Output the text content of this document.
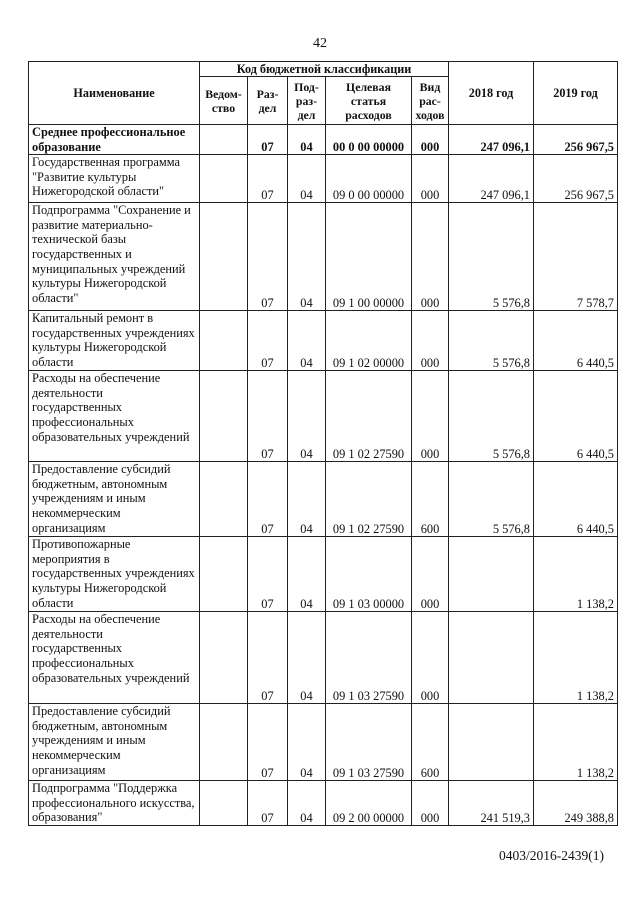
42
Наименование	Код бюджетной классификации					2018 год	2019 год
	Ведом-ство	Раз-дел	Под-раз-дел	Целевая статья расходов	Вид рас-ходов		
Среднее профессиональное образование		07	04	00 0 00 00000	000	247 096,1	256 967,5
Государственная программа "Развитие культуры Нижегородской области"		07	04	09 0 00 00000	000	247 096,1	256 967,5
Подпрограмма "Сохранение и развитие материально-технической базы государственных и муниципальных учреждений культуры Нижегородской области"		07	04	09 1 00 00000	000	5 576,8	7 578,7
Капитальный ремонт в государственных учреждениях культуры Нижегородской области		07	04	09 1 02 00000	000	5 576,8	6 440,5
Расходы на обеспечение деятельности государственных профессиональных образовательных учреждений		07	04	09 1 02 27590	000	5 576,8	6 440,5
Предоставление субсидий бюджетным, автономным учреждениям и иным некоммерческим организациям		07	04	09 1 02 27590	600	5 576,8	6 440,5
Противопожарные мероприятия в государственных учреждениях культуры Нижегородской области		07	04	09 1 03 00000	000		1 138,2
Расходы на обеспечение деятельности государственных профессиональных образовательных учреждений		07	04	09 1 03 27590	000		1 138,2
Предоставление субсидий бюджетным, автономным учреждениям и иным некоммерческим организациям		07	04	09 1 03 27590	600		1 138,2
Подпрограмма "Поддержка профессионального искусства, образования"		07	04	09 2 00 00000	000	241 519,3	249 388,8
0403/2016-2439(1)
